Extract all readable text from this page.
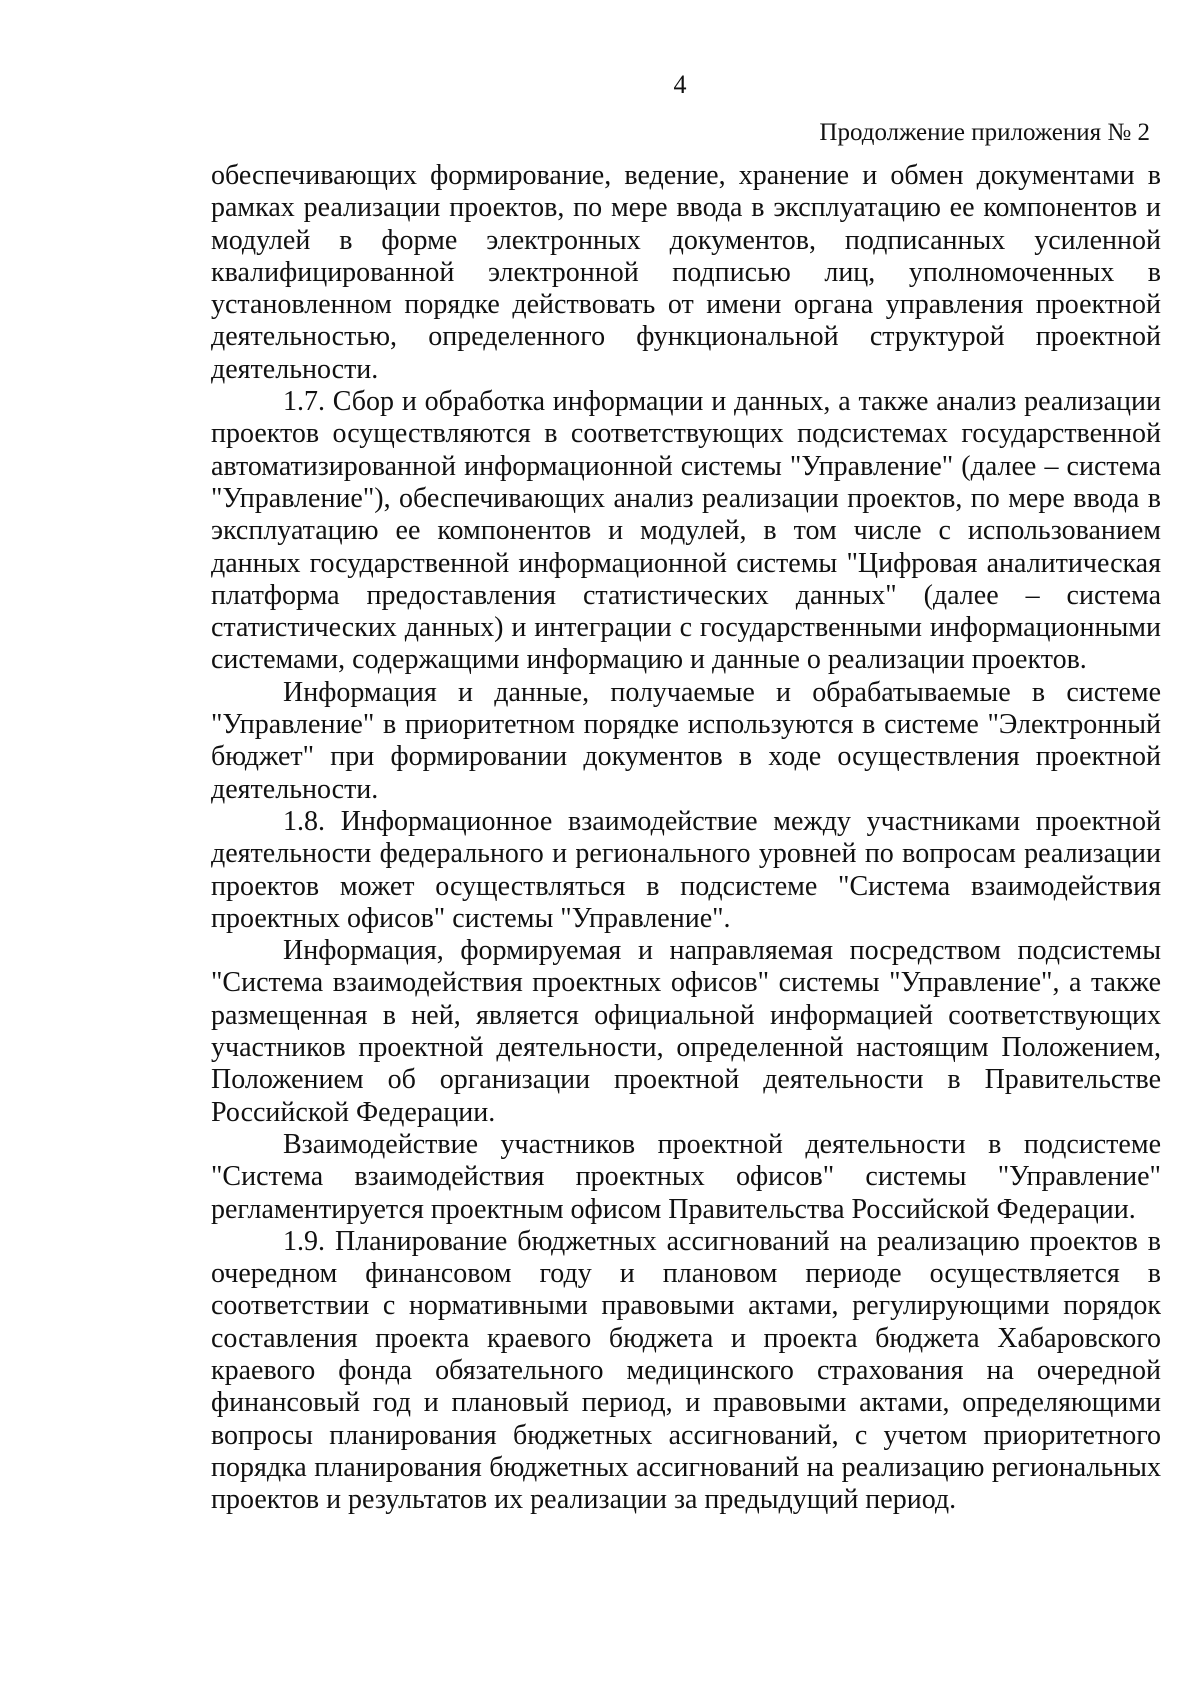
4
Продолжение приложения № 2

обеспечивающих формирование, ведение, хранение и обмен документами в рамках реализации проектов, по мере ввода в эксплуатацию ее компонентов и модулей в форме электронных документов, подписанных усиленной квалифицированной электронной подписью лиц, уполномоченных в установленном порядке действовать от имени органа управления проектной деятельностью, определенного функциональной структурой проектной деятельности.

1.7. Сбор и обработка информации и данных, а также анализ реализации проектов осуществляются в соответствующих подсистемах государственной автоматизированной информационной системы "Управление" (далее – система "Управление"), обеспечивающих анализ реализации проектов, по мере ввода в эксплуатацию ее компонентов и модулей, в том числе с использованием данных государственной информационной системы "Цифровая аналитическая платформа предоставления статистических данных" (далее – система статистических данных) и интеграции с государственными информационными системами, содержащими информацию и данные о реализации проектов.

Информация и данные, получаемые и обрабатываемые в системе "Управление" в приоритетном порядке используются в системе "Электронный бюджет" при формировании документов в ходе осуществления проектной деятельности.

1.8. Информационное взаимодействие между участниками проектной деятельности федерального и регионального уровней по вопросам реализации проектов может осуществляться в подсистеме "Система взаимодействия проектных офисов" системы "Управление".

Информация, формируемая и направляемая посредством подсистемы "Система взаимодействия проектных офисов" системы "Управление", а также размещенная в ней, является официальной информацией соответствующих участников проектной деятельности, определенной настоящим Положением, Положением об организации проектной деятельности в Правительстве Российской Федерации.

Взаимодействие участников проектной деятельности в подсистеме "Система взаимодействия проектных офисов" системы "Управление" регламентируется проектным офисом Правительства Российской Федерации.

1.9. Планирование бюджетных ассигнований на реализацию проектов в очередном финансовом году и плановом периоде осуществляется в соответствии с нормативными правовыми актами, регулирующими порядок составления проекта краевого бюджета и проекта бюджета Хабаровского краевого фонда обязательного медицинского страхования на очередной финансовый год и плановый период, и правовыми актами, определяющими вопросы планирования бюджетных ассигнований, с учетом приоритетного порядка планирования бюджетных ассигнований на реализацию региональных проектов и результатов их реализации за предыдущий период.
